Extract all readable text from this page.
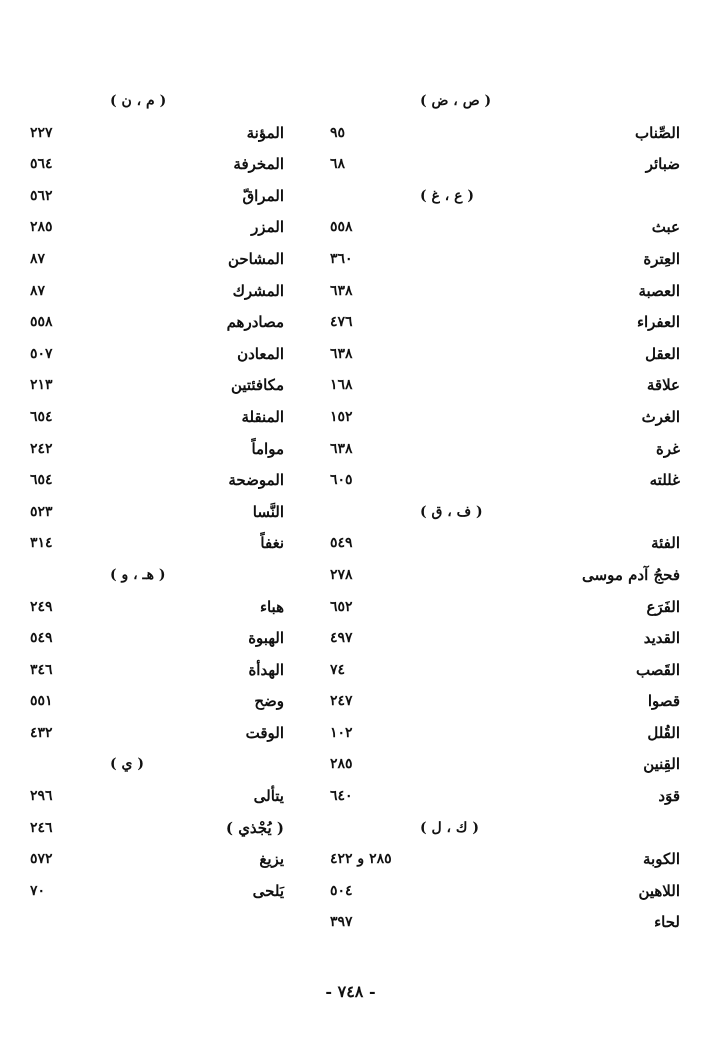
( ص ، ض )
الصِّناب
٩٥
ضبائر
٦٨
( ع ، غ )
عبث
٥٥٨
العِترة
٣٦٠
العصبة
٦٣٨
العفراء
٤٧٦
العقل
٦٣٨
علاقة
١٦٨
الغرث
١٥٢
غرة
٦٣٨
غللته
٦٠٥
( ف ، ق )
الفئة
٥٤٩
فحجُ آدم موسى
٢٧٨
الفَرَع
٦٥٢
القديد
٤٩٧
القَصب
٧٤
قصوا
٢٤٧
القُلل
١٠٢
القِنين
٢٨٥
قوَد
٦٤٠
( ك ، ل )
الكوبة
٢٨٥ و ٤٢٢
اللاهين
٥٠٤
لحاء
٣٩٧
( م ، ن )
المؤنة
٢٢٧
المخرفة
٥٦٤
المراقّ
٥٦٢
المزر
٢٨٥
المشاحن
٨٧
المشرك
٨٧
مصادرهم
٥٥٨
المعادن
٥٠٧
مكافئتين
٢١٣
المنقلة
٦٥٤
مواماً
٢٤٢
الموضحة
٦٥٤
النَّسا
٥٢٣
نغفاً
٣١٤
( هـ ، و )
هباء
٢٤٩
الهبوة
٥٤٩
الهدأة
٣٤٦
وضح
٥٥١
الوقت
٤٣٢
( ي )
يتألى
٢٩٦
( يُجْذي )
٢٤٦
يزيغ
٥٧٢
يَلحى
٧٠
- ٧٤٨ -
